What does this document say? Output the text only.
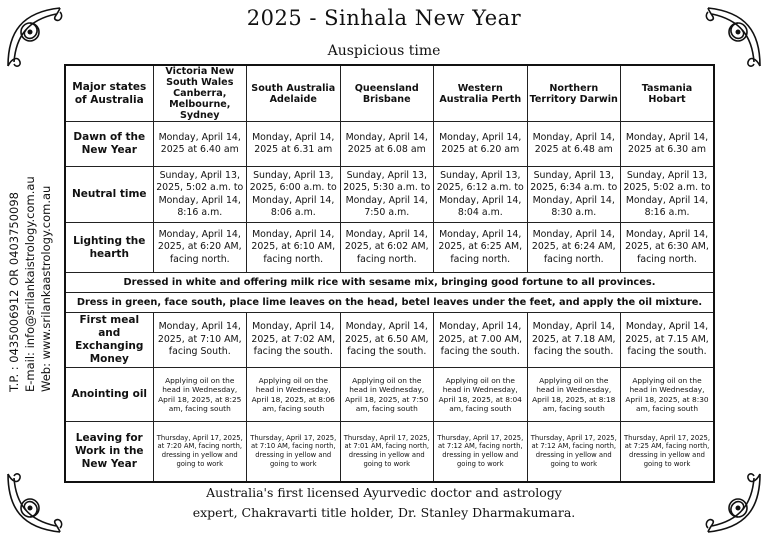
2025 - Sinhala New Year
Auspicious time
T.P. : 0435006912 OR 0403750098 E-mail: info@srilankaistrology.com.au Web: www.srilankaastrology.com.au
Major states of Australia	Victoria New South Wales Canberra, Melbourne, Sydney	South Australia Adelaide	Queensland Brisbane	Western Australia Perth	Northern Territory Darwin	Tasmania Hobart
Dawn of the New Year	Monday, April 14, 2025 at 6.40 am	Monday, April 14, 2025 at 6.31 am	Monday, April 14, 2025 at 6.08 am	Monday, April 14, 2025 at 6.20 am	Monday, April 14, 2025 at 6.48 am	Monday, April 14, 2025 at 6.30 am
Neutral time	Sunday, April 13, 2025, 5:02 a.m. to Monday, April 14, 8:16 a.m.	Sunday, April 13, 2025, 6:00 a.m. to Monday, April 14, 8:06 a.m.	Sunday, April 13, 2025, 5:30 a.m. to Monday, April 14, 7:50 a.m.	Sunday, April 13, 2025, 6:12 a.m. to Monday, April 14, 8:04 a.m.	Sunday, April 13, 2025, 6:34 a.m. to Monday, April 14, 8:30 a.m.	Sunday, April 13, 2025, 5:02 a.m. to Monday, April 14, 8:16 a.m.
Lighting the hearth	Monday, April 14, 2025, at 6:20 AM, facing north.	Monday, April 14, 2025, at 6:10 AM, facing north.	Monday, April 14, 2025, at 6:02 AM, facing north.	Monday, April 14, 2025, at 6:25 AM, facing north.	Monday, April 14, 2025, at 6:24 AM, facing north.	Monday, April 14, 2025, at 6:30 AM, facing north.
Dressed in white and offering milk rice with sesame mix, bringing good fortune to all provinces.						
Dress in green, face south, place lime leaves on the head, betel leaves under the feet, and apply the oil mixture.						
First meal and Exchanging Money	Monday, April 14, 2025, at 7:10 AM, facing South.	Monday, April 14, 2025, at 7:02 AM, facing the south.	Monday, April 14, 2025, at 6.50 AM, facing the south.	Monday, April 14, 2025, at 7.00 AM, facing the south.	Monday, April 14, 2025, at 7.18 AM, facing the south.	Monday, April 14, 2025, at 7.15 AM, facing the south.
Anointing oil	Applying oil on the head in Wednesday, April 18, 2025, at 8:25 am, facing south	Applying oil on the head in Wednesday, April 18, 2025, at 8:06 am, facing south	Applying oil on the head in Wednesday, April 18, 2025, at 7:50 am, facing south	Applying oil on the head in Wednesday, April 18, 2025, at 8:04 am, facing south	Applying oil on the head in Wednesday, April 18, 2025, at 8:18 am, facing south	Applying oil on the head in Wednesday, April 18, 2025, at 8:30 am, facing south
Leaving for Work in the New Year	Thursday, April 17, 2025, at 7:20 AM, facing north, dressing in yellow and going to work	Thursday, April 17, 2025, at 7:10 AM, facing north, dressing in yellow and going to work	Thursday, April 17, 2025, at 7:01 AM, facing north, dressing in yellow and going to work	Thursday, April 17, 2025, at 7:12 AM, facing north, dressing in yellow and going to work	Thursday, April 17, 2025, at 7:12 AM, facing north, dressing in yellow and going to work	Thursday, April 17, 2025, at 7:25 AM, facing north, dressing in yellow and going to work
Australia's first licensed Ayurvedic doctor and astrology
expert, Chakravarti title holder, Dr. Stanley Dharmakumara.
